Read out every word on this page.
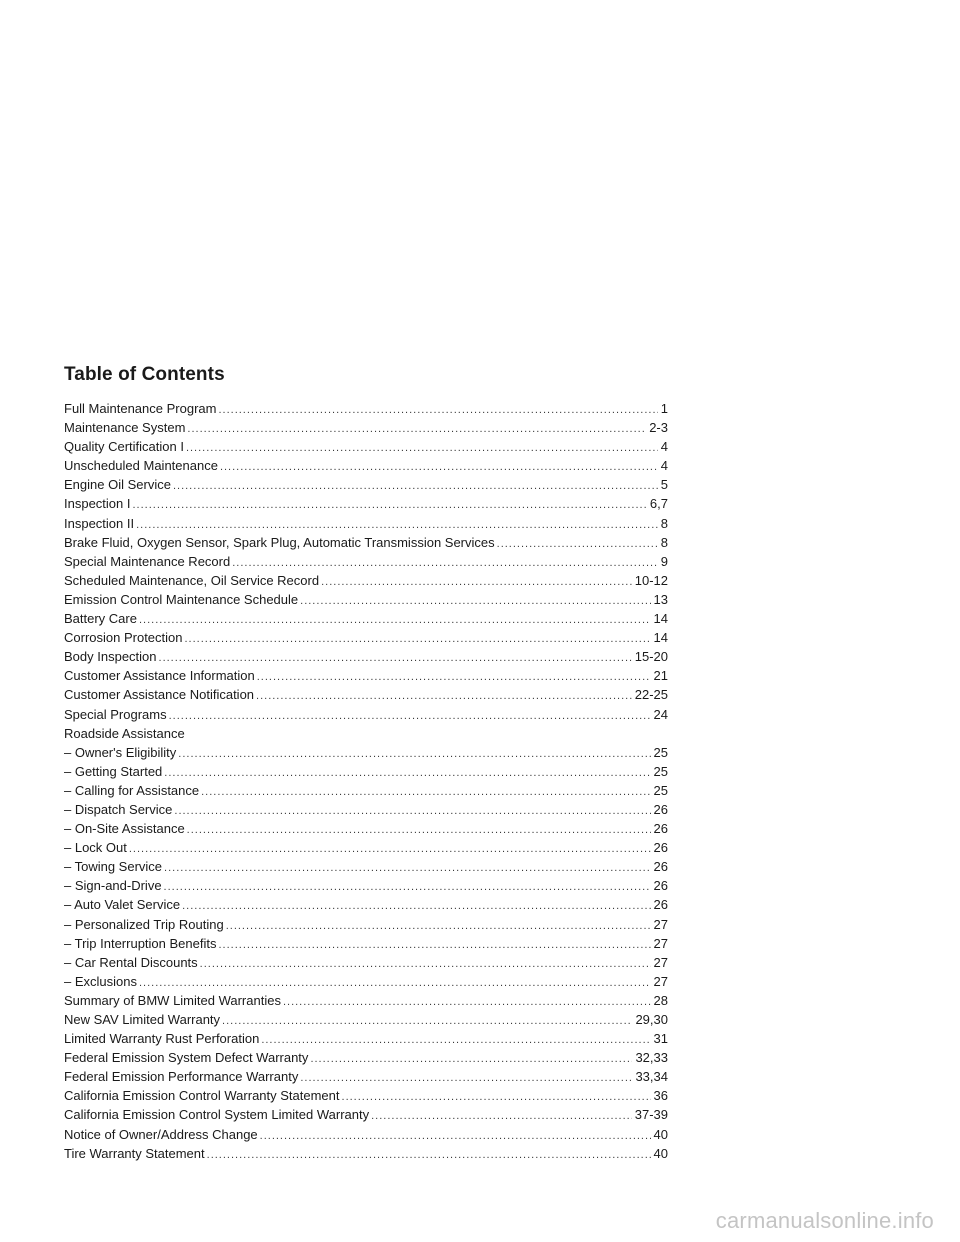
Table of Contents
Full Maintenance Program .....	1
Maintenance System .....	2-3
Quality Certification I .....	4
Unscheduled Maintenance .....	4
Engine Oil Service .....	5
Inspection I .....	6,7
Inspection II .....	8
Brake Fluid, Oxygen Sensor, Spark Plug, Automatic Transmission Services .....	8
Special Maintenance Record .....	9
Scheduled Maintenance, Oil Service Record .....	10-12
Emission Control Maintenance Schedule .....	13
Battery Care .....	14
Corrosion Protection .....	14
Body Inspection .....	15-20
Customer Assistance Information .....	21
Customer Assistance Notification .....	22-25
Special Programs .....	24
Roadside Assistance
– Owner's Eligibility .....	25
– Getting Started .....	25
– Calling for Assistance .....	25
– Dispatch Service .....	26
– On-Site Assistance .....	26
– Lock Out .....	26
– Towing Service .....	26
– Sign-and-Drive .....	26
– Auto Valet Service .....	26
– Personalized Trip Routing .....	27
– Trip Interruption Benefits .....	27
– Car Rental Discounts .....	27
– Exclusions .....	27
Summary of BMW Limited Warranties .....	28
New SAV Limited Warranty .....	29,30
Limited Warranty Rust Perforation .....	31
Federal Emission System Defect Warranty .....	32,33
Federal Emission Performance Warranty .....	33,34
California Emission Control Warranty Statement .....	36
California Emission Control System Limited Warranty .....	37-39
Notice of Owner/Address Change .....	40
Tire Warranty Statement .....	40
carmanualsonline.info
